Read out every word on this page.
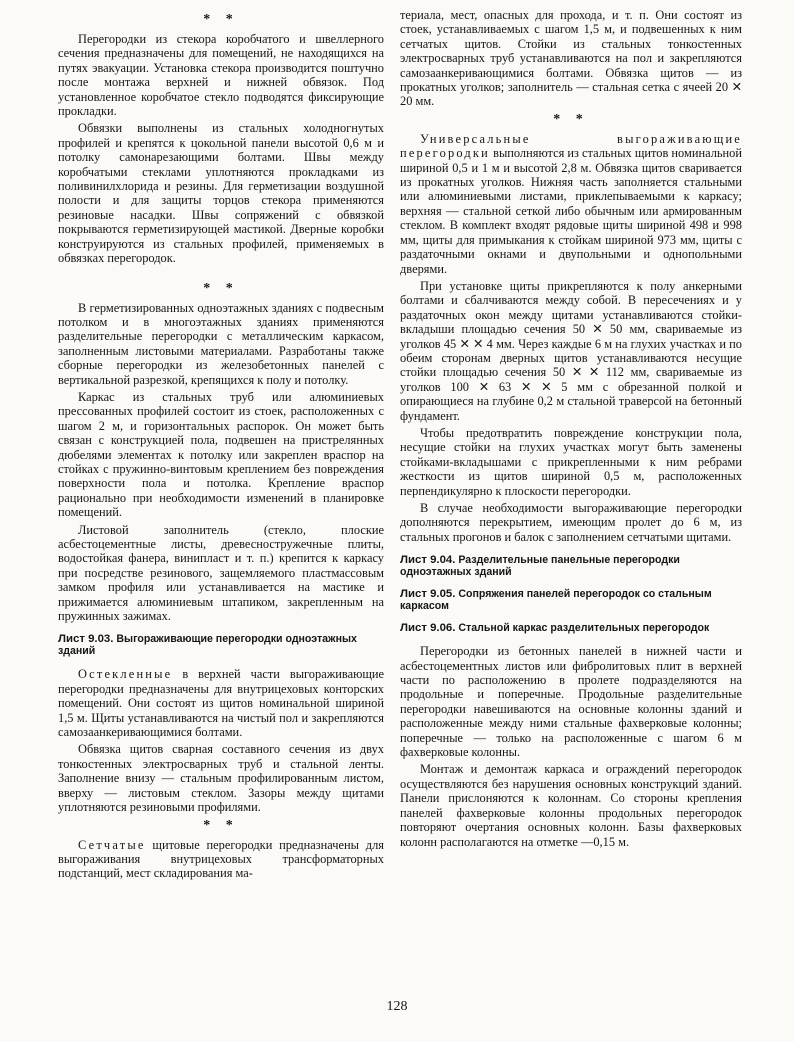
* *

Перегородки из стекора коробчатого и швеллерного сечения предназначены для помещений, не находящихся на путях эвакуации. Установка стекора производится поштучно после монтажа верхней и нижней обвязок. Под установленное коробчатое стекло подводятся фиксирующие прокладки.

Обвязки выполнены из стальных холодногнутых профилей и крепятся к цокольной панели высотой 0,6 м и потолку самонарезающими болтами. Швы между коробчатыми стеклами уплотняются прокладками из поливинилхлорида и резины. Для герметизации воздушной полости и для защиты торцов стекора применяются резиновые насадки. Швы сопряжений с обвязкой покрываются герметизирующей мастикой. Дверные коробки конструируются из стальных профилей, применяемых в обвязках перегородок.

* *

В герметизированных одноэтажных зданиях с подвесным потолком и в многоэтажных зданиях применяются разделительные перегородки с металлическим каркасом, заполненным листовыми материалами. Разработаны также сборные перегородки из железобетонных панелей с вертикальной разрезкой, крепящихся к полу и потолку.

Каркас из стальных труб или алюминиевых прессованных профилей состоит из стоек, расположенных с шагом 2 м, и горизонтальных распорок. Он может быть связан с конструкцией пола, подвешен на пристрелянных дюбелями элементах к потолку или закреплен враспор на стойках с пружинно-винтовым креплением без повреждения поверхности пола и потолка. Крепление враспор рационально при необходимости изменений в планировке помещений.

Листовой заполнитель (стекло, плоские асбестоцементные листы, древесностружечные плиты, водостойкая фанера, винипласт и т. п.) крепится к каркасу при посредстве резинового, защемляемого пластмассовым замком профиля или устанавливается на мастике и прижимается алюминиевым штапиком, закрепленным на пружинных зажимах.

Лист 9.03. Выгораживающие перегородки одноэтажных зданий

Остекленные в верхней части выгораживающие перегородки предназначены для внутрицеховых конторских помещений. Они состоят из щитов номинальной шириной 1,5 м. Щиты устанавливаются на чистый пол и закрепляются самозаанкеривающимися болтами.

Обвязка щитов сварная составного сечения из двух тонкостенных электросварных труб и стальной ленты. Заполнение внизу — стальным профилированным листом, вверху — листовым стеклом. Зазоры между щитами уплотняются резиновыми профилями.

* *

Сетчатые щитовые перегородки предназначены для выгораживания внутрицеховых трансформаторных подстанций, мест складирования ма-

териала, мест, опасных для прохода, и т. п. Они состоят из стоек, устанавливаемых с шагом 1,5 м, и подвешенных к ним сетчатых щитов. Стойки из стальных тонкостенных электросварных труб устанавливаются на пол и закрепляются самозаанкеривающимися болтами. Обвязка щитов — из прокатных уголков; заполнитель — стальная сетка с ячеей 20 ✕ 20 мм.

* *

Универсальные выгораживающие перегородки выполняются из стальных щитов номинальной шириной 0,5 и 1 м и высотой 2,8 м. Обвязка щитов сваривается из прокатных уголков. Нижняя часть заполняется стальными или алюминиевыми листами, приклепываемыми к каркасу; верхняя — стальной сеткой либо обычным или армированным стеклом. В комплект входят рядовые щиты шириной 498 и 998 мм, щиты для примыкания к стойкам шириной 973 мм, щиты с раздаточными окнами и двупольными и однопольными дверями.

При установке щиты прикрепляются к полу анкерными болтами и сбалчиваются между собой. В пересечениях и у раздаточных окон между щитами устанавливаются стойки-вкладыши площадью сечения 50 ✕ 50 мм, свариваемые из уголков 45 ✕ ✕ 4 мм. Через каждые 6 м на глухих участках и по обеим сторонам дверных щитов устанавливаются несущие стойки площадью сечения 50 ✕ ✕ 112 мм, свариваемые из уголков 100 ✕ 63 ✕ ✕ 5 мм с обрезанной полкой и опирающиеся на глубине 0,2 м стальной траверсой на бетонный фундамент.

Чтобы предотвратить повреждение конструкции пола, несущие стойки на глухих участках могут быть заменены стойками-вкладышами с прикрепленными к ним ребрами жесткости из щитов шириной 0,5 м, расположенных перпендикулярно к плоскости перегородки.

В случае необходимости выгораживающие перегородки дополняются перекрытием, имеющим пролет до 6 м, из стальных прогонов и балок с заполнением сетчатыми щитами.

Лист 9.04. Разделительные панельные перегородки одноэтажных зданий
Лист 9.05. Сопряжения панелей перегородок со стальным каркасом
Лист 9.06. Стальной каркас разделительных перегородок

Перегородки из бетонных панелей в нижней части и асбестоцементных листов или фибролитовых плит в верхней части по расположению в пролете подразделяются на продольные и поперечные. Продольные разделительные перегородки навешиваются на основные колонны зданий и расположенные между ними стальные фахверковые колонны; поперечные — только на расположенные с шагом 6 м фахверковые колонны.

Монтаж и демонтаж каркаса и ограждений перегородок осуществляются без нарушения основных конструкций зданий. Панели прислоняются к колоннам. Со стороны крепления панелей фахверковые колонны продольных перегородок повторяют очертания основных колонн. Базы фахверковых колонн располагаются на отметке —0,15 м.

128
